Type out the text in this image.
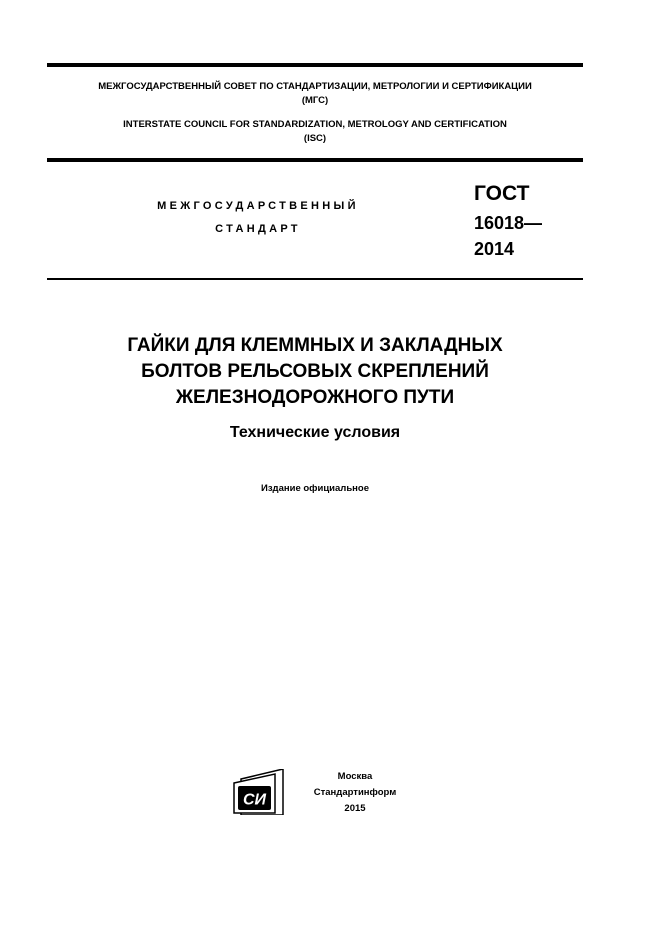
МЕЖГОСУДАРСТВЕННЫЙ СОВЕТ ПО СТАНДАРТИЗАЦИИ, МЕТРОЛОГИИ И СЕРТИФИКАЦИИ
(МГС)
INTERSTATE COUNCIL FOR STANDARDIZATION, METROLOGY AND CERTIFICATION
(ISC)
МЕЖГОСУДАРСТВЕННЫЙ
СТАНДАРТ
ГОСТ
16018—
2014
ГАЙКИ ДЛЯ КЛЕММНЫХ И ЗАКЛАДНЫХ
БОЛТОВ РЕЛЬСОВЫХ СКРЕПЛЕНИЙ
ЖЕЛЕЗНОДОРОЖНОГО ПУТИ
Технические условия
Издание официальное
СИ
Москва
Стандартинформ
2015
